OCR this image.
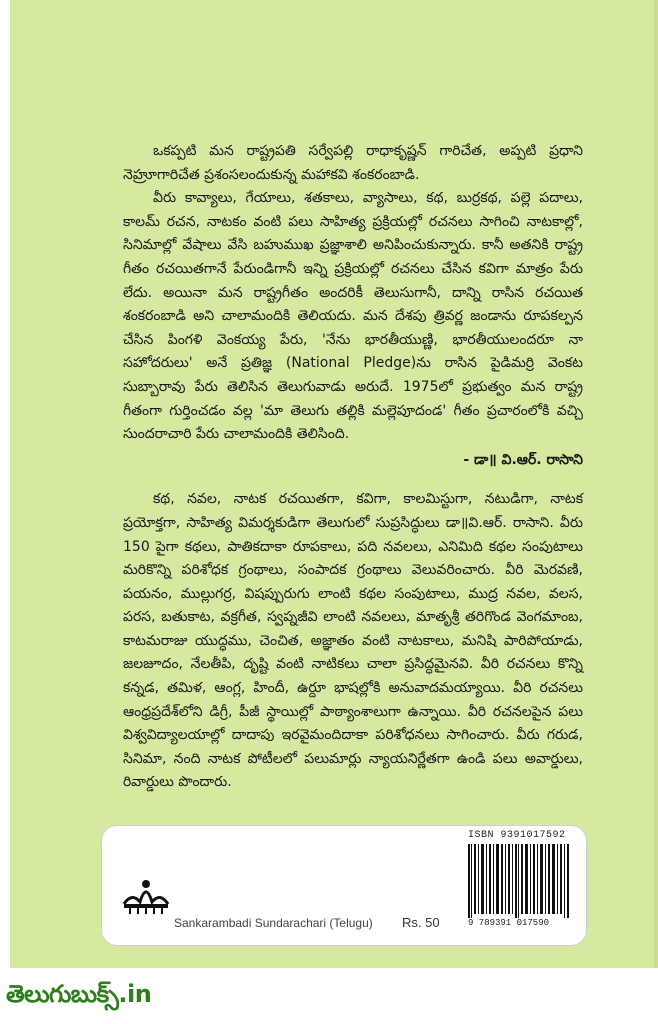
ఒకప్పటి మన రాష్ట్రపతి సర్వేపల్లి రాధాకృష్ణన్ గారిచేత, అప్పటి ప్రధాని నెహ్రూగారిచేత ప్రశంసలందుకున్న మహాకవి శంకరంబాడి.

వీరు కావ్యాలు, గేయాలు, శతకాలు, వ్యాసాలు, కథ, బుర్రకథ, పల్లె పదాలు, కాలమ్ రచన, నాటకం వంటి పలు సాహిత్య ప్రక్రియల్లో రచనలు సాగించి నాటకాల్లో, సినిమాల్లో వేషాలు వేసి బహుముఖ ప్రజ్ఞాశాలి అనిపించుకున్నారు. కానీ అతనికి రాష్ట్ర గీతం రచయితగానే పేరుండిగానీ ఇన్ని ప్రక్రియల్లో రచనలు చేసిన కవిగా మాత్రం పేరు లేదు. అయినా మన రాష్ట్రగీతం అందరికీ తెలుసుగానీ, దాన్ని రాసిన రచయిత శంకరంబాడి అని చాలామందికి తెలియదు. మన దేశపు త్రివర్ణ జండాను రూపకల్పన చేసిన పింగళి వెంకయ్య పేరు, 'నేను భారతీయుణ్ణి, భారతీయులందరూ నా సహోదరులు' అనే ప్రతిజ్ఞ (National Pledge)ను రాసిన పైడిమర్రి వెంకట సుబ్బారావు పేరు తెలిసిన తెలుగువాడు అరుదే. 1975లో ప్రభుత్వం మన రాష్ట్ర గీతంగా గుర్తించడం వల్ల 'మా తెలుగు తల్లికి మల్లెపూదండ' గీతం ప్రచారంలోకి వచ్చి సుందరాచారి పేరు చాలామందికి తెలిసింది.

- డా॥ వి.ఆర్. రాసాని

కథ, నవల, నాటక రచయితగా, కవిగా, కాలమిస్టుగా, నటుడిగా, నాటక ప్రయోక్తగా, సాహిత్య విమర్శకుడిగా తెలుగులో సుప్రసిద్ధులు డా॥వి.ఆర్. రాసాని. వీరు 150 పైగా కథలు, పాతికదాకా రూపకాలు, పది నవలలు, ఎనిమిది కథల సంపుటాలు మరికొన్ని పరిశోధక గ్రంథాలు, సంపాదక గ్రంథాలు వెలువరించారు. వీరి మెరవణి, పయనం, ముల్లుగర్ర, విషప్పురుగు లాంటి కథల సంపుటాలు, ముద్ర నవల, వలస, పరస, బతుకాట, వక్రగీత, స్వప్నజీవి లాంటి నవలలు, మాతృశ్రీ తరిగొండ వెంగమాంబ, కాటమరాజు యుద్ధము, చెంచిత, అజ్ఞాతం వంటి నాటకాలు, మనిషి పారిపోయాడు, జలజూదం, నేలతీపి, దృష్టి వంటి నాటికలు చాలా ప్రసిద్ధమైనవి. వీరి రచనలు కొన్ని కన్నడ, తమిళ, ఆంగ్ల, హిందీ, ఉర్దూ భాషల్లోకి అనువాదమయ్యాయి. వీరి రచనలు ఆంధ్రప్రదేశ్‌లోని డిగ్రీ, పీజీ స్థాయిల్లో పాఠ్యాంశాలుగా ఉన్నాయి. వీరి రచనలపైన పలు విశ్వవిద్యాలయాల్లో దాదాపు ఇరవైమందిదాకా పరిశోధనలు సాగించారు. వీరు గరుడ, సినిమా, నంది నాటక పోటీలలో పలుమార్లు న్యాయనిర్ణేతగా ఉండి పలు అవార్డులు, రివార్డులు పొందారు.

Sankarambadi Sundarachari (Telugu) Rs. 50
ISBN 9391017592
9 789391 017590
తెలుగుబుక్స్.in
